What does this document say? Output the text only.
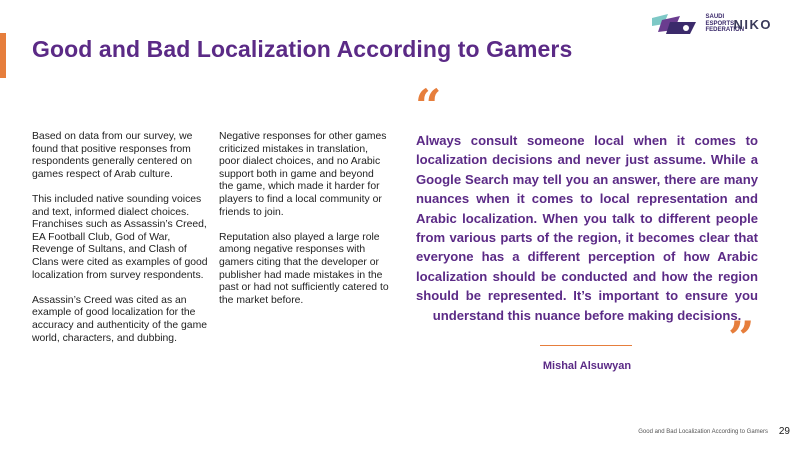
Good and Bad Localization According to Gamers
SAUDI ESPORTS FEDERATION
NIKO

Based on data from our survey, we found that positive responses from respondents generally centered on games respect of Arab culture.

This included native sounding voices and text, informed dialect choices. Franchises such as Assassin’s Creed, EA Football Club, God of War, Revenge of Sultans, and Clash of Clans were cited as examples of good localization from survey respondents.

Assassin’s Creed was cited as an example of good localization for the accuracy and authenticity of the game world, characters, and dubbing.

Negative responses for other games criticized mistakes in translation, poor dialect choices, and no Arabic support both in game and beyond the game, which made it harder for players to find a local community or friends to join.

Reputation also played a large role among negative responses with gamers citing that the developer or publisher had made mistakes in the past or had not sufficiently catered to the market before.

“

Always consult someone local when it comes to localization decisions and never just assume. While a Google Search may tell you an answer, there are many nuances when it comes to local representation and Arabic localization. When you talk to different people from various parts of the region, it becomes clear that everyone has a different perception of how Arabic localization should be conducted and how the region should be represented. It’s important to ensure you understand this nuance before making decisions.

”
Mishal Alsuwyan
Good and Bad Localization According to Gamers 29
